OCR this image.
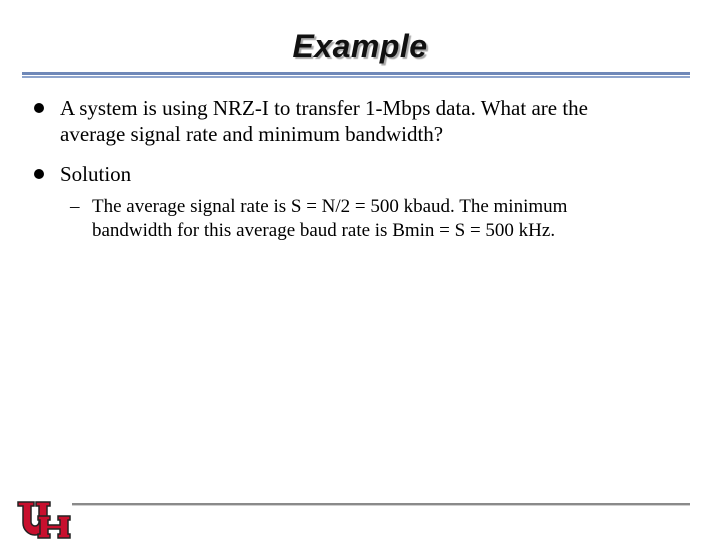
Example
A system is using NRZ-I to transfer 1-Mbps data. What are the
average signal rate and minimum bandwidth?
Solution
– The average signal rate is S = N/2 = 500 kbaud. The minimum
bandwidth for this average baud rate is Bmin = S = 500 kHz.
